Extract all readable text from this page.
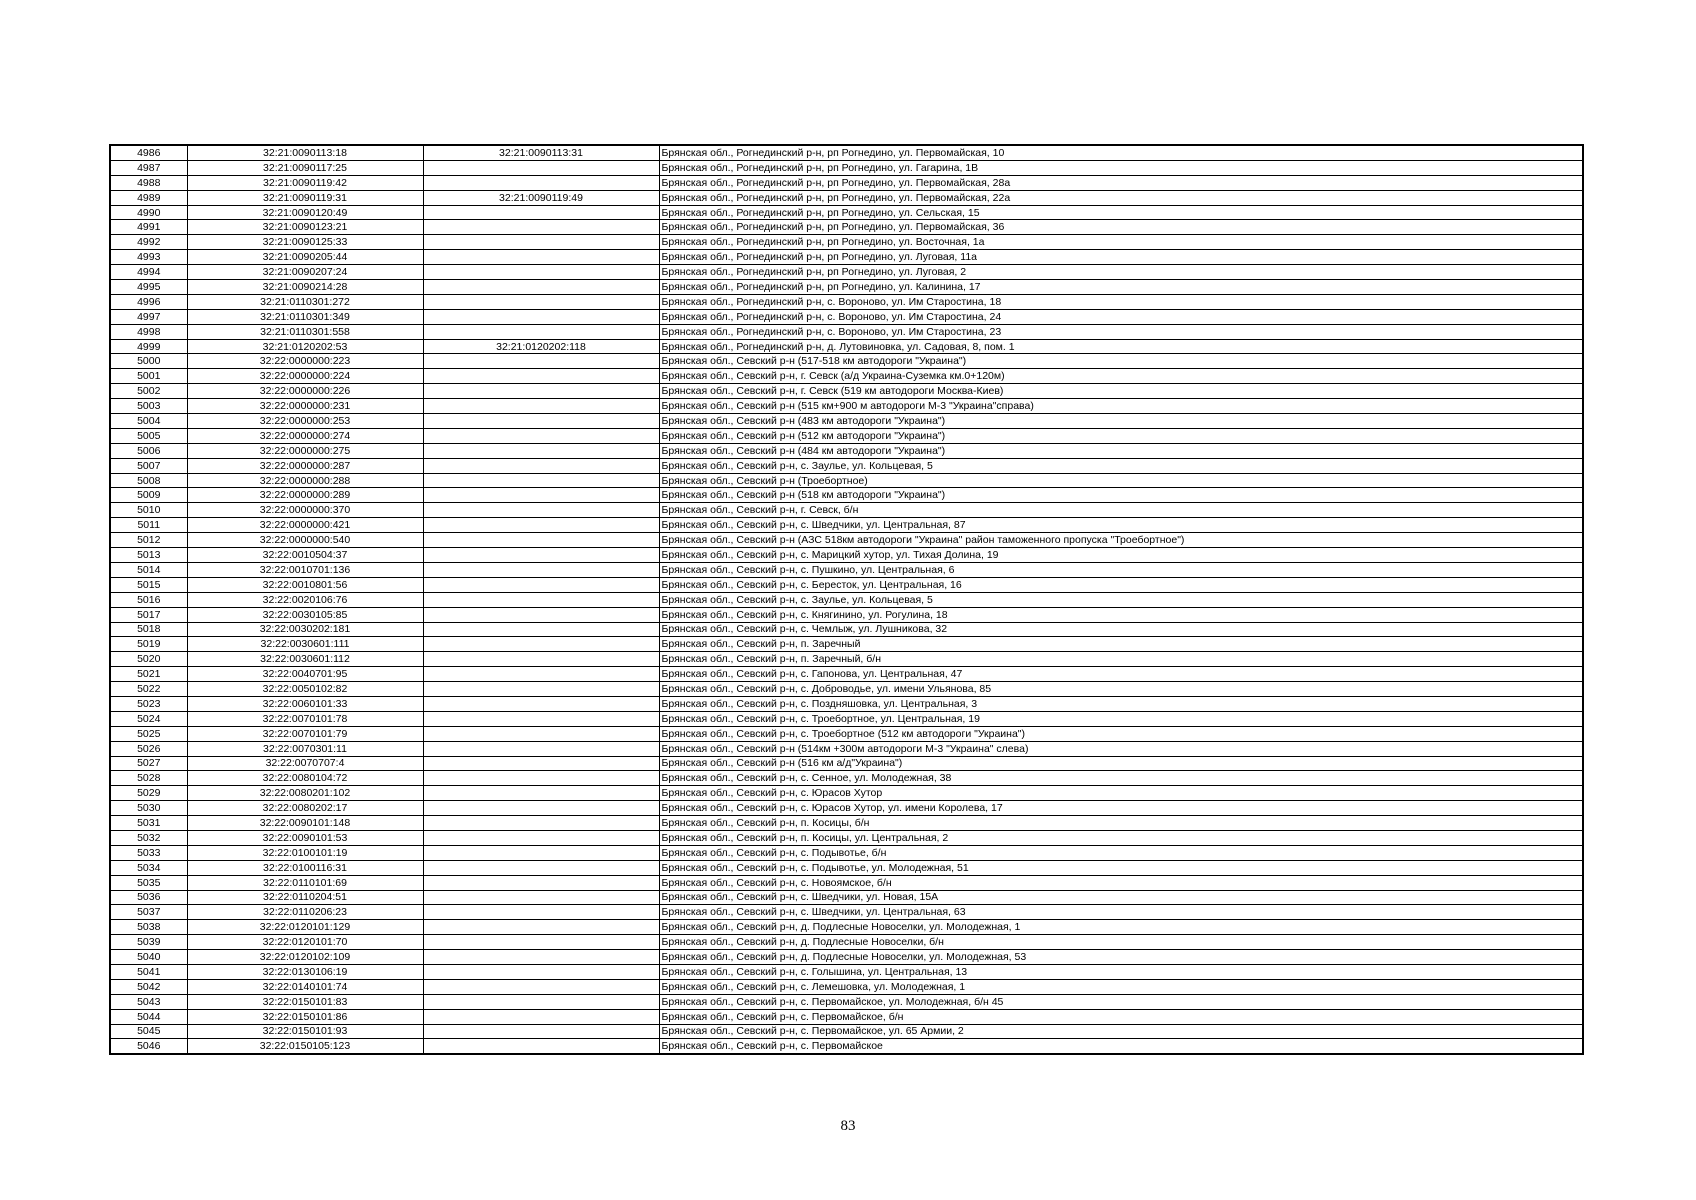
4986	32:21:0090113:18	32:21:0090113:31	Брянская обл., Рогнединский р-н, рп Рогнедино, ул. Первомайская, 10
4987	32:21:0090117:25		Брянская обл., Рогнединский р-н, рп Рогнедино, ул. Гагарина, 1В
4988	32:21:0090119:42		Брянская обл., Рогнединский р-н, рп Рогнедино, ул. Первомайская, 28а
4989	32:21:0090119:31	32:21:0090119:49	Брянская обл., Рогнединский р-н, рп Рогнедино, ул. Первомайская, 22а
4990	32:21:0090120:49		Брянская обл., Рогнединский р-н, рп Рогнедино, ул. Сельская, 15
4991	32:21:0090123:21		Брянская обл., Рогнединский р-н, рп Рогнедино, ул. Первомайская, 36
4992	32:21:0090125:33		Брянская обл., Рогнединский р-н, рп Рогнедино, ул. Восточная, 1а
4993	32:21:0090205:44		Брянская обл., Рогнединский р-н, рп Рогнедино, ул. Луговая, 11а
4994	32:21:0090207:24		Брянская обл., Рогнединский р-н, рп Рогнедино, ул. Луговая, 2
4995	32:21:0090214:28		Брянская обл., Рогнединский р-н, рп Рогнедино, ул. Калинина, 17
4996	32:21:0110301:272		Брянская обл., Рогнединский р-н, с. Вороново, ул. Им Старостина, 18
4997	32:21:0110301:349		Брянская обл., Рогнединский р-н, с. Вороново, ул. Им Старостина, 24
4998	32:21:0110301:558		Брянская обл., Рогнединский р-н, с. Вороново, ул. Им Старостина, 23
4999	32:21:0120202:53	32:21:0120202:118	Брянская обл., Рогнединский р-н, д. Лутовиновка, ул. Садовая, 8, пом. 1
5000	32:22:0000000:223		Брянская обл., Севский р-н (517-518 км автодороги "Украина")
5001	32:22:0000000:224		Брянская обл., Севский р-н, г. Севск (а/д Украина-Суземка км.0+120м)
5002	32:22:0000000:226		Брянская обл., Севский р-н, г. Севск (519 км автодороги Москва-Киев)
5003	32:22:0000000:231		Брянская обл., Севский р-н (515 км+900 м автодороги М-3 "Украина"справа)
5004	32:22:0000000:253		Брянская обл., Севский р-н (483 км автодороги "Украина")
5005	32:22:0000000:274		Брянская обл., Севский р-н (512 км автодороги "Украина")
5006	32:22:0000000:275		Брянская обл., Севский р-н (484 км автодороги "Украина")
5007	32:22:0000000:287		Брянская обл., Севский р-н, с. Заулье, ул. Кольцевая, 5
5008	32:22:0000000:288		Брянская обл., Севский р-н (Троебортное)
5009	32:22:0000000:289		Брянская обл., Севский р-н (518 км автодороги "Украина")
5010	32:22:0000000:370		Брянская обл., Севский р-н, г. Севск, б/н
5011	32:22:0000000:421		Брянская обл., Севский р-н, с. Шведчики, ул. Центральная, 87
5012	32:22:0000000:540		Брянская обл., Севский р-н (АЗС 518км автодороги "Украина" район таможенного пропуска "Троебортное")
5013	32:22:0010504:37		Брянская обл., Севский р-н, с. Марицкий хутор, ул. Тихая Долина, 19
5014	32:22:0010701:136		Брянская обл., Севский р-н, с. Пушкино, ул. Центральная, 6
5015	32:22:0010801:56		Брянская обл., Севский р-н, с. Бересток, ул. Центральная, 16
5016	32:22:0020106:76		Брянская обл., Севский р-н, с. Заулье, ул. Кольцевая, 5
5017	32:22:0030105:85		Брянская обл., Севский р-н, с. Княгинино, ул. Рогулина, 18
5018	32:22:0030202:181		Брянская обл., Севский р-н, с. Чемлыж, ул. Лушникова, 32
5019	32:22:0030601:111		Брянская обл., Севский р-н, п. Заречный
5020	32:22:0030601:112		Брянская обл., Севский р-н, п. Заречный, б/н
5021	32:22:0040701:95		Брянская обл., Севский р-н, с. Гапонова, ул. Центральная, 47
5022	32:22:0050102:82		Брянская обл., Севский р-н, с. Доброводье, ул. имени Ульянова, 85
5023	32:22:0060101:33		Брянская обл., Севский р-н, с. Поздняшовка, ул. Центральная, 3
5024	32:22:0070101:78		Брянская обл., Севский р-н, с. Троебортное, ул. Центральная, 19
5025	32:22:0070101:79		Брянская обл., Севский р-н, с. Троебортное (512 км автодороги "Украина")
5026	32:22:0070301:11		Брянская обл., Севский р-н (514км +300м автодороги М-3 "Украина" слева)
5027	32:22:0070707:4		Брянская обл., Севский р-н (516 км а/д"Украина")
5028	32:22:0080104:72		Брянская обл., Севский р-н, с. Сенное, ул. Молодежная, 38
5029	32:22:0080201:102		Брянская обл., Севский р-н, с. Юрасов Хутор
5030	32:22:0080202:17		Брянская обл., Севский р-н, с. Юрасов Хутор, ул. имени Королева, 17
5031	32:22:0090101:148		Брянская обл., Севский р-н, п. Косицы, б/н
5032	32:22:0090101:53		Брянская обл., Севский р-н, п. Косицы, ул. Центральная, 2
5033	32:22:0100101:19		Брянская обл., Севский р-н, с. Подывотье, б/н
5034	32:22:0100116:31		Брянская обл., Севский р-н, с. Подывотье, ул. Молодежная, 51
5035	32:22:0110101:69		Брянская обл., Севский р-н, с. Новоямское, б/н
5036	32:22:0110204:51		Брянская обл., Севский р-н, с. Шведчики, ул. Новая, 15А
5037	32:22:0110206:23		Брянская обл., Севский р-н, с. Шведчики, ул. Центральная, 63
5038	32:22:0120101:129		Брянская обл., Севский р-н, д. Подлесные Новоселки, ул. Молодежная, 1
5039	32:22:0120101:70		Брянская обл., Севский р-н, д. Подлесные Новоселки, б/н
5040	32:22:0120102:109		Брянская обл., Севский р-н, д. Подлесные Новоселки, ул. Молодежная, 53
5041	32:22:0130106:19		Брянская обл., Севский р-н, с. Голышина, ул. Центральная, 13
5042	32:22:0140101:74		Брянская обл., Севский р-н, с. Лемешовка, ул. Молодежная, 1
5043	32:22:0150101:83		Брянская обл., Севский р-н, с. Первомайское, ул. Молодежная, б/н 45
5044	32:22:0150101:86		Брянская обл., Севский р-н, с. Первомайское, б/н
5045	32:22:0150101:93		Брянская обл., Севский р-н, с. Первомайское, ул. 65 Армии, 2
5046	32:22:0150105:123		Брянская обл., Севский р-н, с. Первомайское
83
